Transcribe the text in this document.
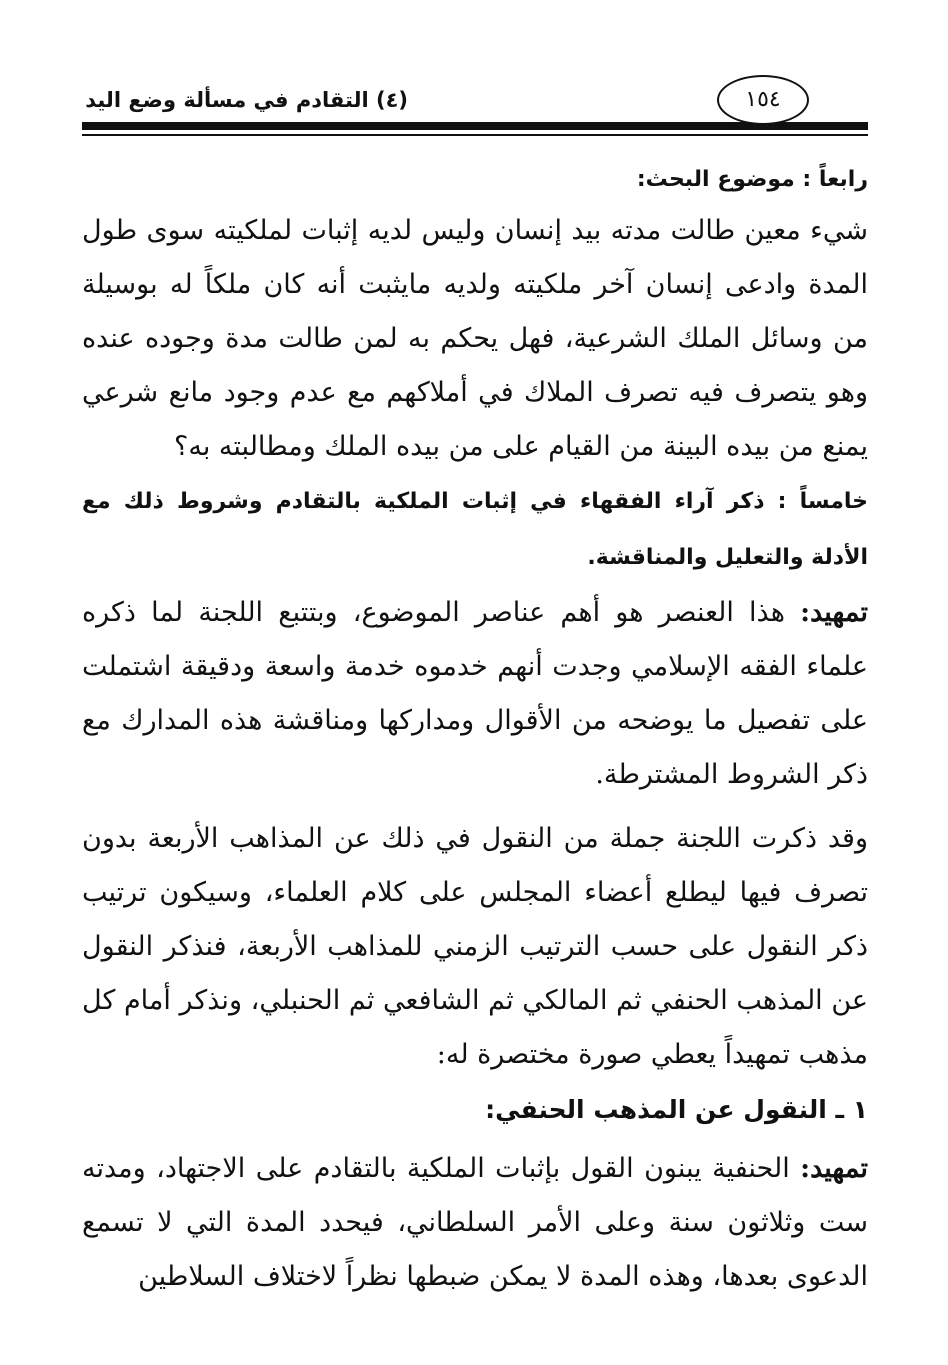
(٤) التقادم في مسألة وضع اليد	١٥٤

رابعاً : موضوع البحث:

شيء معين طالت مدته بيد إنسان وليس لديه إثبات لملكيته سوى طول المدة وادعى إنسان آخر ملكيته ولديه مايثبت أنه كان ملكاً له بوسيلة من وسائل الملك الشرعية، فهل يحكم به لمن طالت مدة وجوده عنده وهو يتصرف فيه تصرف الملاك في أملاكهم مع عدم وجود مانع شرعي يمنع من بيده البينة من القيام على من بيده الملك ومطالبته به؟

خامساً : ذكر آراء الفقهاء في إثبات الملكية بالتقادم وشروط ذلك مع الأدلة والتعليل والمناقشة.

تمهيد: هذا العنصر هو أهم عناصر الموضوع، وبتتبع اللجنة لما ذكره علماء الفقه الإسلامي وجدت أنهم خدموه خدمة واسعة ودقيقة اشتملت على تفصيل ما يوضحه من الأقوال ومداركها ومناقشة هذه المدارك مع ذكر الشروط المشترطة.

وقد ذكرت اللجنة جملة من النقول في ذلك عن المذاهب الأربعة بدون تصرف فيها ليطلع أعضاء المجلس على كلام العلماء، وسيكون ترتيب ذكر النقول على حسب الترتيب الزمني للمذاهب الأربعة، فنذكر النقول عن المذهب الحنفي ثم المالكي ثم الشافعي ثم الحنبلي، ونذكر أمام كل مذهب تمهيداً يعطي صورة مختصرة له:

١ ـ النقول عن المذهب الحنفي:

تمهيد: الحنفية يبنون القول بإثبات الملكية بالتقادم على الاجتهاد، ومدته ست وثلاثون سنة وعلى الأمر السلطاني، فيحدد المدة التي لا تسمع الدعوى بعدها، وهذه المدة لا يمكن ضبطها نظراً لاختلاف السلاطين
